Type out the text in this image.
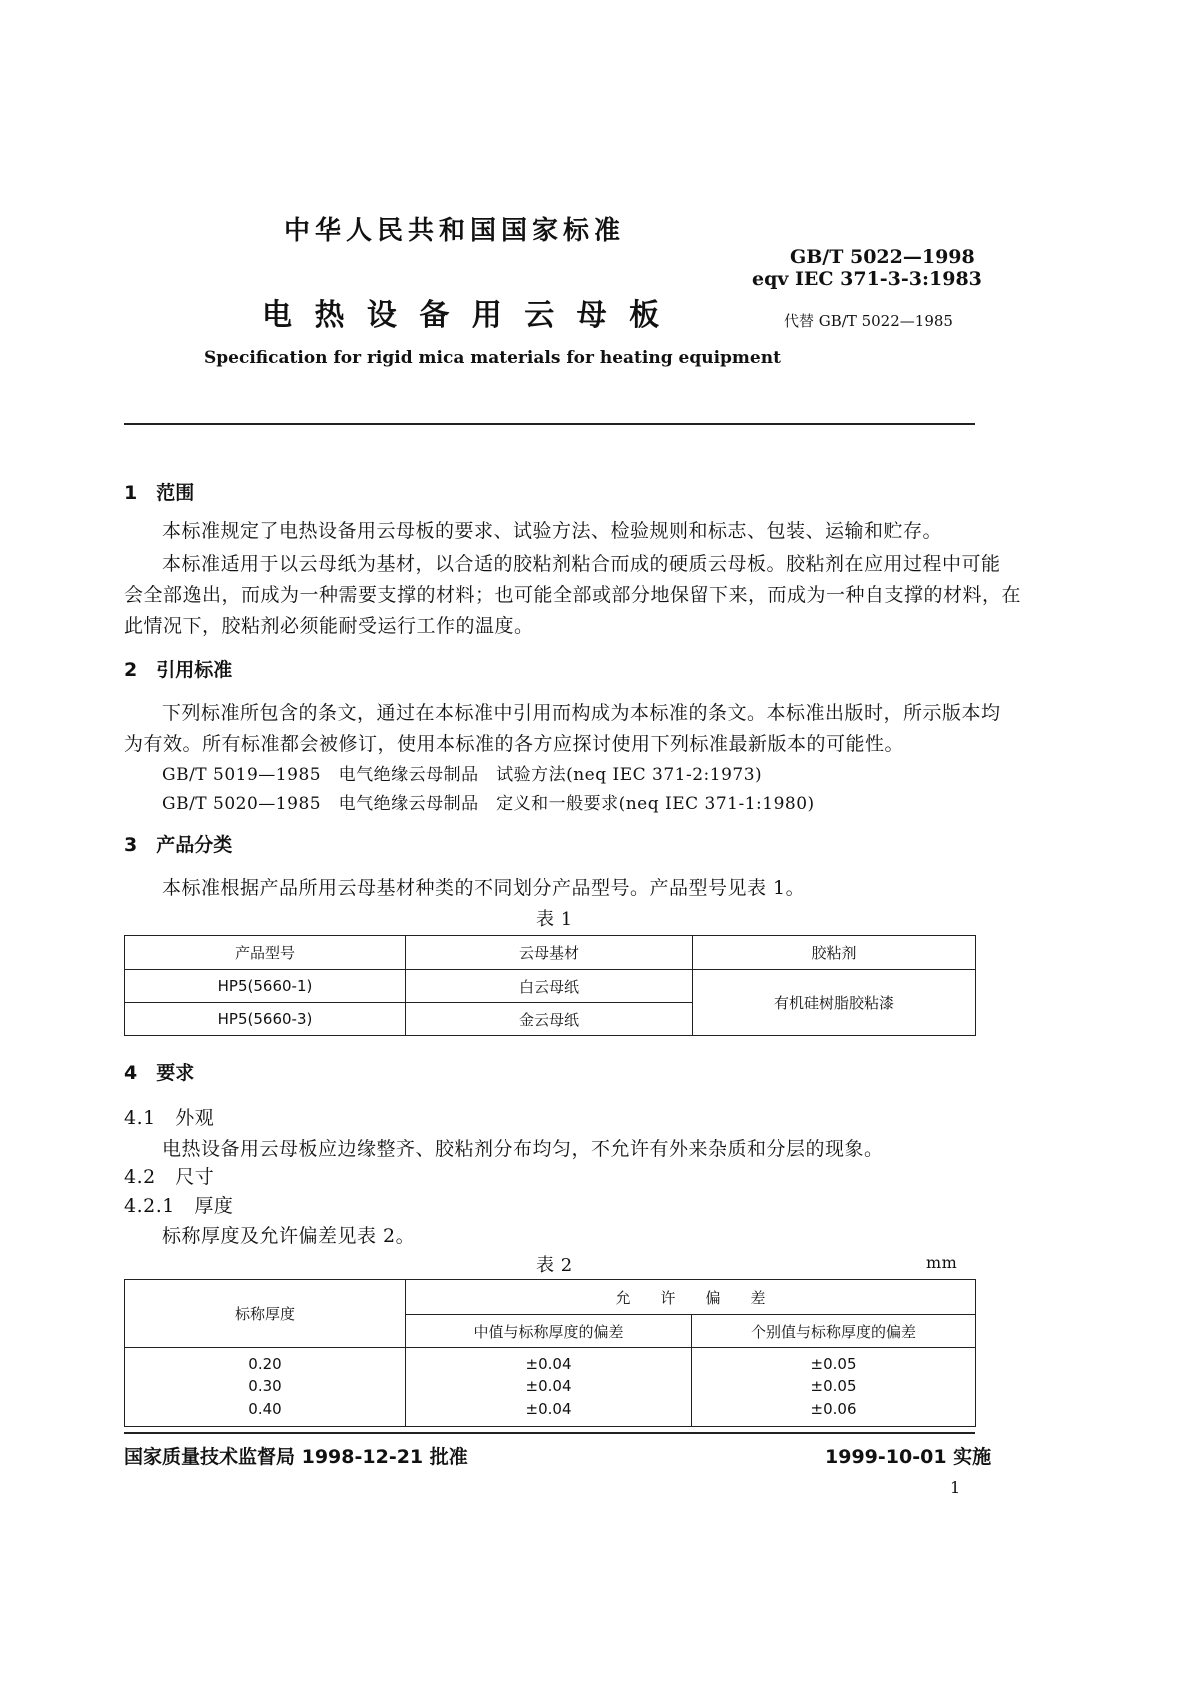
中华人民共和国国家标准
GB/T 5022—1998
eqv IEC 371-3-3:1983
电 热 设 备 用 云 母 板	代替 GB/T 5022—1985
Specification for rigid mica materials for heating equipment
1　范围
本标准规定了电热设备用云母板的要求、试验方法、检验规则和标志、包装、运输和贮存。
本标准适用于以云母纸为基材，以合适的胶粘剂粘合而成的硬质云母板。胶粘剂在应用过程中可能
会全部逸出，而成为一种需要支撑的材料；也可能全部或部分地保留下来，而成为一种自支撑的材料，在
此情况下，胶粘剂必须能耐受运行工作的温度。
2　引用标准
下列标准所包含的条文，通过在本标准中引用而构成为本标准的条文。本标准出版时，所示版本均
为有效。所有标准都会被修订，使用本标准的各方应探讨使用下列标准最新版本的可能性。
GB/T 5019—1985　电气绝缘云母制品　试验方法(neq IEC 371-2:1973)
GB/T 5020—1985　电气绝缘云母制品　定义和一般要求(neq IEC 371-1:1980)
3　产品分类
本标准根据产品所用云母基材种类的不同划分产品型号。产品型号见表 1。
表 1
产品型号	云母基材	胶粘剂
HP5(5660-1)	白云母纸	有机硅树脂胶粘漆
HP5(5660-3)	金云母纸	
4　要求
4.1　外观
电热设备用云母板应边缘整齐、胶粘剂分布均匀，不允许有外来杂质和分层的现象。
4.2　尺寸
4.2.1　厚度
标称厚度及允许偏差见表 2。
表 2	mm
标称厚度	允　　许　　偏　　差	
	中值与标称厚度的偏差	个别值与标称厚度的偏差
0.20	±0.04	±0.05
0.30	±0.04	±0.05
0.40	±0.04	±0.06
国家质量技术监督局 1998-12-21 批准	1999-10-01 实施
1
